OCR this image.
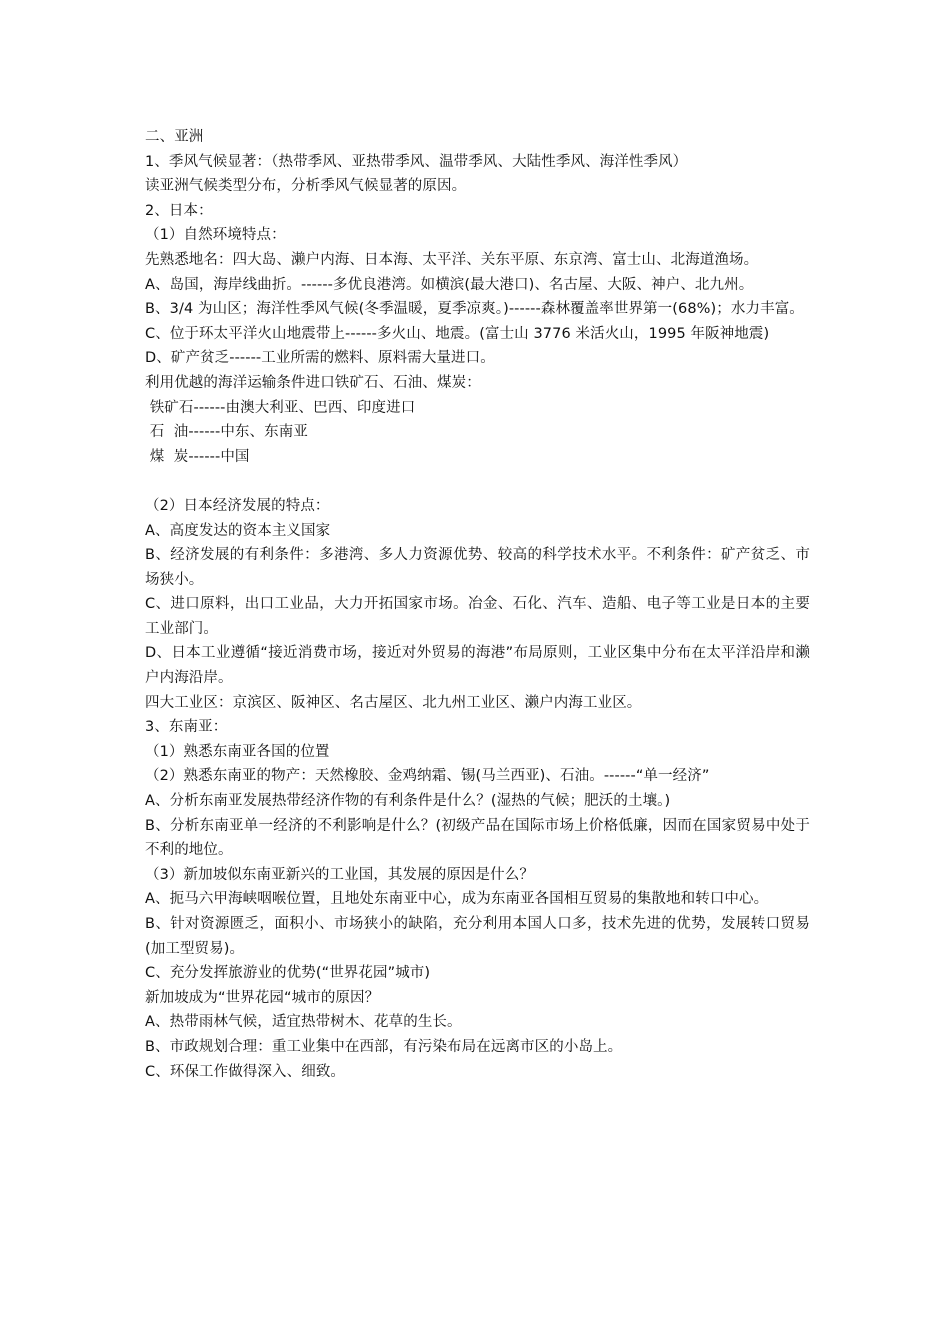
二、亚洲

1、季风气候显著：（热带季风、亚热带季风、温带季风、大陆性季风、海洋性季风）

读亚洲气候类型分布，分析季风气候显著的原因。

2、日本：

（1）自然环境特点：

先熟悉地名：四大岛、濑户内海、日本海、太平洋、关东平原、东京湾、富士山、北海道渔场。

A、岛国，海岸线曲折。------多优良港湾。如横滨(最大港口)、名古屋、大阪、神户、北九州。

B、3/4 为山区；海洋性季风气候(冬季温暖，夏季凉爽。)------森林覆盖率世界第一(68%)；水力丰富。

C、位于环太平洋火山地震带上------多火山、地震。(富士山 3776 米活火山，1995 年阪神地震)

D、矿产贫乏------工业所需的燃料、原料需大量进口。

利用优越的海洋运输条件进口铁矿石、石油、煤炭：

铁矿石------由澳大利亚、巴西、印度进口

石  油------中东、东南亚

煤  炭------中国

（2）日本经济发展的特点：

A、高度发达的资本主义国家

B、经济发展的有利条件：多港湾、多人力资源优势、较高的科学技术水平。不利条件：矿产贫乏、市场狭小。

C、进口原料，出口工业品，大力开拓国家市场。冶金、石化、汽车、造船、电子等工业是日本的主要工业部门。

D、日本工业遵循“接近消费市场，接近对外贸易的海港”布局原则，工业区集中分布在太平洋沿岸和濑户内海沿岸。

四大工业区：京滨区、阪神区、名古屋区、北九州工业区、濑户内海工业区。

3、东南亚：

（1）熟悉东南亚各国的位置

（2）熟悉东南亚的物产：天然橡胶、金鸡纳霜、锡(马兰西亚)、石油。------“单一经济”

A、分析东南亚发展热带经济作物的有利条件是什么？(湿热的气候；肥沃的土壤。)

B、分析东南亚单一经济的不利影响是什么？(初级产品在国际市场上价格低廉，因而在国家贸易中处于不利的地位。

（3）新加坡似东南亚新兴的工业国，其发展的原因是什么？

A、扼马六甲海峡咽喉位置，且地处东南亚中心，成为东南亚各国相互贸易的集散地和转口中心。

B、针对资源匮乏，面积小、市场狭小的缺陷，充分利用本国人口多，技术先进的优势，发展转口贸易(加工型贸易)。

C、充分发挥旅游业的优势(“世界花园”城市)

新加坡成为“世界花园“城市的原因？

A、热带雨林气候，适宜热带树木、花草的生长。

B、市政规划合理：重工业集中在西部，有污染布局在远离市区的小岛上。

C、环保工作做得深入、细致。
